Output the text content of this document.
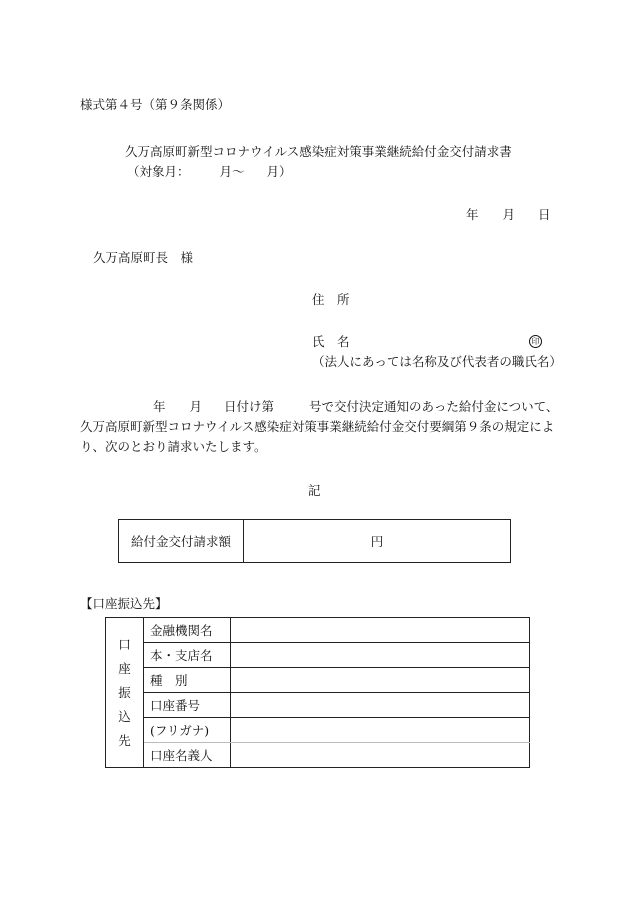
様式第４号（第９条関係）
久万高原町新型コロナウイルス感染症対策事業継続給付金交付請求書
（対象月： 月～ 月）
年 月 日
久万高原町長　様
住　所
氏　名	印
（法人にあっては名称及び代表者の職氏名）
年 月 日付け第	号で交付決定通知のあった給付金について、
久万高原町新型コロナウイルス感染症対策事業継続給付金交付要綱第９条の規定によ
り、次のとおり請求いたします。
記
給付金交付請求額	円
【口座振込先】
口
座
振
込
先	金融機関名	
	本・支店名	
	種　別	
	口座番号	
	(フリガナ)	
	口座名義人	
